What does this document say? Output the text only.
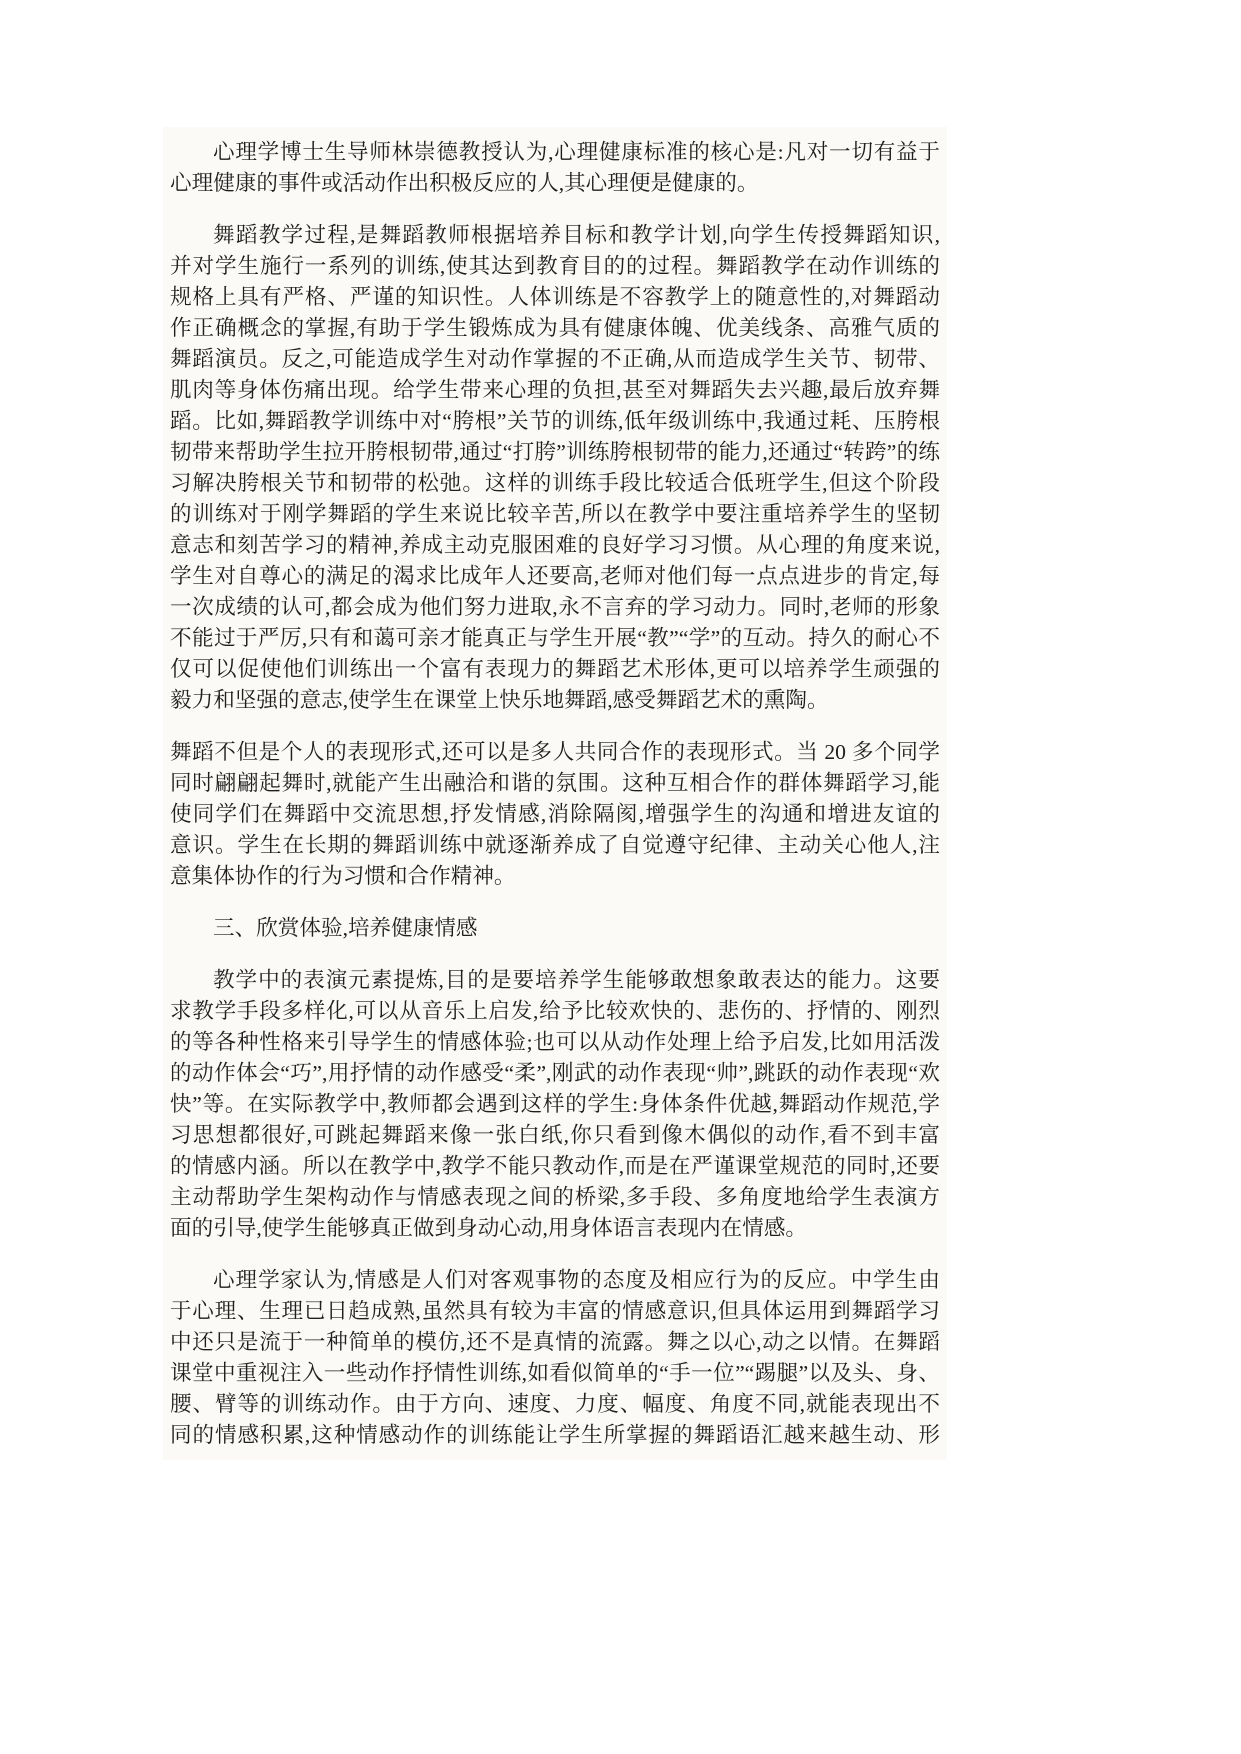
心理学博士生导师林崇德教授认为,心理健康标准的核心是:凡对一切有益于
心理健康的事件或活动作出积极反应的人,其心理便是健康的。
舞蹈教学过程,是舞蹈教师根据培养目标和教学计划,向学生传授舞蹈知识,
并对学生施行一系列的训练,使其达到教育目的的过程。舞蹈教学在动作训练的
规格上具有严格、严谨的知识性。人体训练是不容教学上的随意性的,对舞蹈动
作正确概念的掌握,有助于学生锻炼成为具有健康体魄、优美线条、高雅气质的
舞蹈演员。反之,可能造成学生对动作掌握的不正确,从而造成学生关节、韧带、
肌肉等身体伤痛出现。给学生带来心理的负担,甚至对舞蹈失去兴趣,最后放弃舞
蹈。比如,舞蹈教学训练中对“胯根”关节的训练,低年级训练中,我通过耗、压胯根
韧带来帮助学生拉开胯根韧带,通过“打胯”训练胯根韧带的能力,还通过“转跨”的练
习解决胯根关节和韧带的松弛。这样的训练手段比较适合低班学生,但这个阶段
的训练对于刚学舞蹈的学生来说比较辛苦,所以在教学中要注重培养学生的坚韧
意志和刻苦学习的精神,养成主动克服困难的良好学习习惯。从心理的角度来说,
学生对自尊心的满足的渴求比成年人还要高,老师对他们每一点点进步的肯定,每
一次成绩的认可,都会成为他们努力进取,永不言弃的学习动力。同时,老师的形象
不能过于严厉,只有和蔼可亲才能真正与学生开展“教”“学”的互动。持久的耐心不
仅可以促使他们训练出一个富有表现力的舞蹈艺术形体,更可以培养学生顽强的
毅力和坚强的意志,使学生在课堂上快乐地舞蹈,感受舞蹈艺术的熏陶。
舞蹈不但是个人的表现形式,还可以是多人共同合作的表现形式。当 20 多个同学
同时翩翩起舞时,就能产生出融洽和谐的氛围。这种互相合作的群体舞蹈学习,能
使同学们在舞蹈中交流思想,抒发情感,消除隔阂,增强学生的沟通和增进友谊的
意识。学生在长期的舞蹈训练中就逐渐养成了自觉遵守纪律、主动关心他人,注
意集体协作的行为习惯和合作精神。
三、欣赏体验,培养健康情感
教学中的表演元素提炼,目的是要培养学生能够敢想象敢表达的能力。这要
求教学手段多样化,可以从音乐上启发,给予比较欢快的、悲伤的、抒情的、刚烈
的等各种性格来引导学生的情感体验;也可以从动作处理上给予启发,比如用活泼
的动作体会“巧”,用抒情的动作感受“柔”,刚武的动作表现“帅”,跳跃的动作表现“欢
快”等。在实际教学中,教师都会遇到这样的学生:身体条件优越,舞蹈动作规范,学
习思想都很好,可跳起舞蹈来像一张白纸,你只看到像木偶似的动作,看不到丰富
的情感内涵。所以在教学中,教学不能只教动作,而是在严谨课堂规范的同时,还要
主动帮助学生架构动作与情感表现之间的桥梁,多手段、多角度地给学生表演方
面的引导,使学生能够真正做到身动心动,用身体语言表现内在情感。
心理学家认为,情感是人们对客观事物的态度及相应行为的反应。中学生由
于心理、生理已日趋成熟,虽然具有较为丰富的情感意识,但具体运用到舞蹈学习
中还只是流于一种简单的模仿,还不是真情的流露。舞之以心,动之以情。在舞蹈
课堂中重视注入一些动作抒情性训练,如看似简单的“手一位”“踢腿”以及头、身、
腰、臂等的训练动作。由于方向、速度、力度、幅度、角度不同,就能表现出不
同的情感积累,这种情感动作的训练能让学生所掌握的舞蹈语汇越来越生动、形
